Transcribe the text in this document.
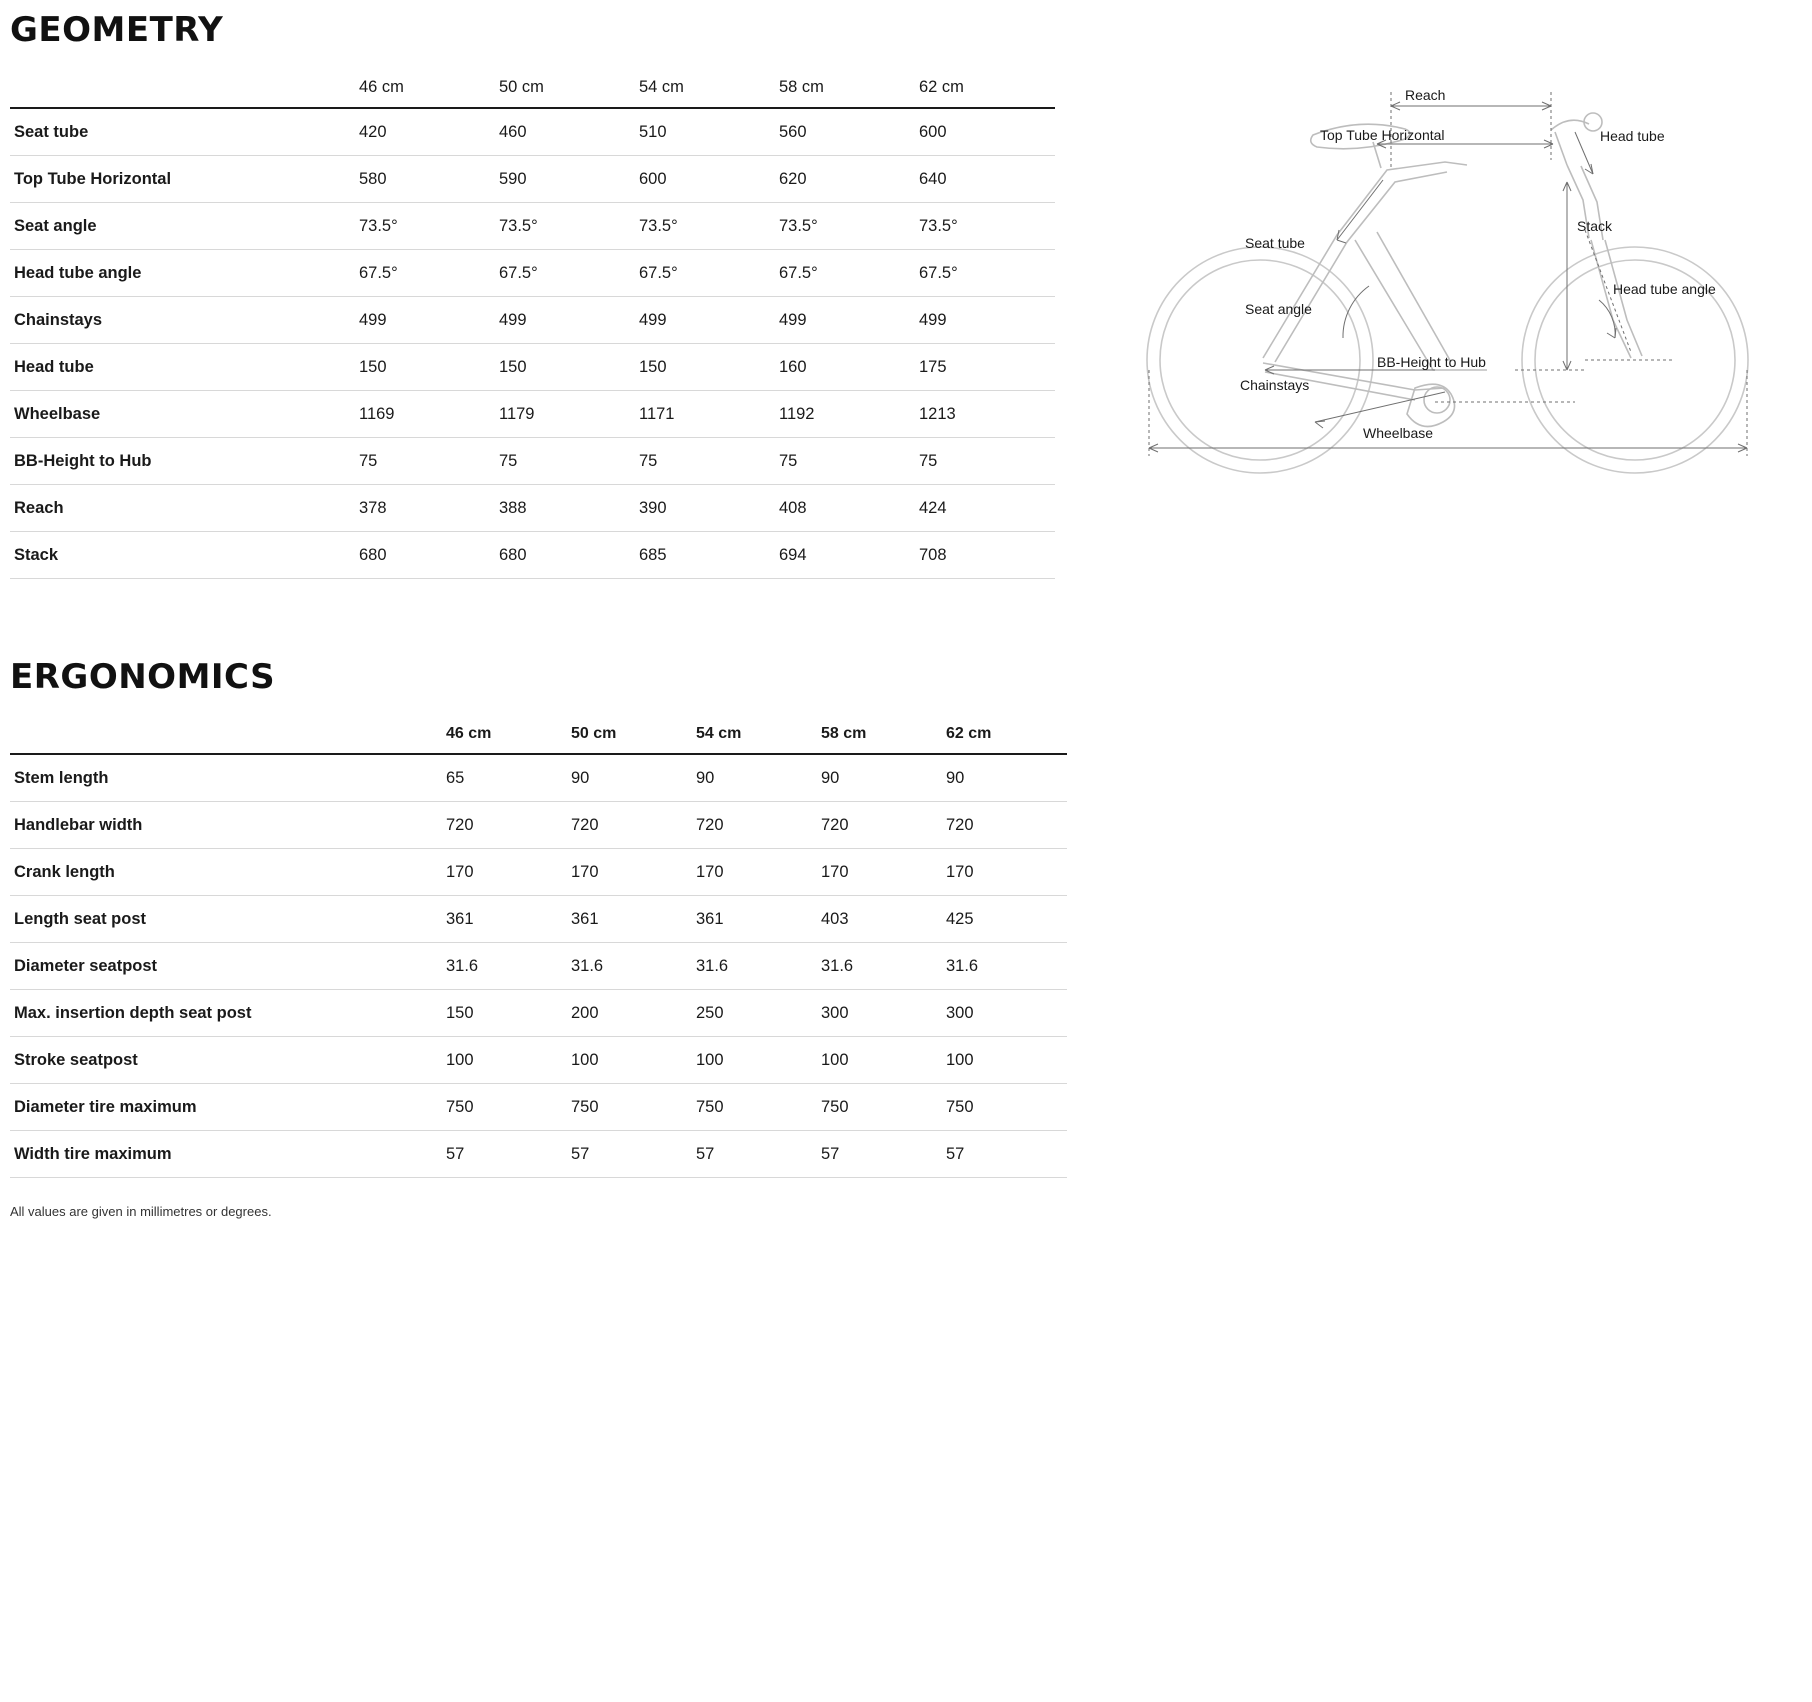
GEOMETRY
	46 cm	50 cm	54 cm	58 cm	62 cm
Seat tube	420	460	510	560	600
Top Tube Horizontal	580	590	600	620	640
Seat angle	73.5°	73.5°	73.5°	73.5°	73.5°
Head tube angle	67.5°	67.5°	67.5°	67.5°	67.5°
Chainstays	499	499	499	499	499
Head tube	150	150	150	160	175
Wheelbase	1169	1179	1171	1192	1213
BB-Height to Hub	75	75	75	75	75
Reach	378	388	390	408	424
Stack	680	680	685	694	708
Reach
Top Tube Horizontal	Head tube
Stack
Seat tube
Head tube angle
Seat angle
BB-Height to Hub
Chainstays
Wheelbase
ERGONOMICS
	46 cm	50 cm	54 cm	58 cm	62 cm
Stem length	65	90	90	90	90
Handlebar width	720	720	720	720	720
Crank length	170	170	170	170	170
Length seat post	361	361	361	403	425
Diameter seatpost	31.6	31.6	31.6	31.6	31.6
Max. insertion depth seat post	150	200	250	300	300
Stroke seatpost	100	100	100	100	100
Diameter tire maximum	750	750	750	750	750
Width tire maximum	57	57	57	57	57
All values are given in millimetres or degrees.
